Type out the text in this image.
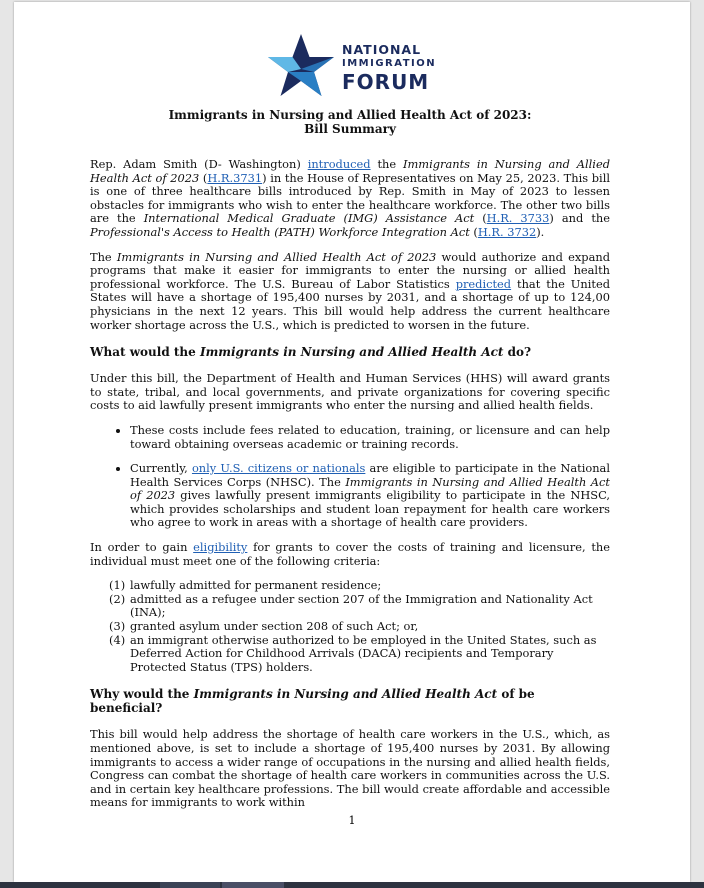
NATIONAL
IMMIGRATION
FORUM
Immigrants in Nursing and Allied Health Act of 2023:
Bill Summary

Rep. Adam Smith (D- Washington) introduced the Immigrants in Nursing and Allied Health Act of 2023 (H.R.3731) in the House of Representatives on May 25, 2023. This bill is one of three healthcare bills introduced by Rep. Smith in May of 2023 to lessen obstacles for immigrants who wish to enter the healthcare workforce. The other two bills are the International Medical Graduate (IMG) Assistance Act (H.R. 3733) and the Professional's Access to Health (PATH) Workforce Integration Act (H.R. 3732).

The Immigrants in Nursing and Allied Health Act of 2023 would authorize and expand programs that make it easier for immigrants to enter the nursing or allied health professional workforce. The U.S. Bureau of Labor Statistics predicted that the United States will have a shortage of 195,400 nurses by 2031, and a shortage of up to 124,00 physicians in the next 12 years. This bill would help address the current healthcare worker shortage across the U.S., which is predicted to worsen in the future.

What would the Immigrants in Nursing and Allied Health Act do?

Under this bill, the Department of Health and Human Services (HHS) will award grants to state, tribal, and local governments, and private organizations for covering specific costs to aid lawfully present immigrants who enter the nursing and allied health fields.

• These costs include fees related to education, training, or licensure and can help toward obtaining overseas academic or training records.
• Currently, only U.S. citizens or nationals are eligible to participate in the National Health Services Corps (NHSC). The Immigrants in Nursing and Allied Health Act of 2023 gives lawfully present immigrants eligibility to participate in the NHSC, which provides scholarships and student loan repayment for health care workers who agree to work in areas with a shortage of health care providers.

In order to gain eligibility for grants to cover the costs of training and licensure, the individual must meet one of the following criteria:

(1) lawfully admitted for permanent residence;
(2) admitted as a refugee under section 207 of the Immigration and Nationality Act (INA);
(3) granted asylum under section 208 of such Act; or,
(4) an immigrant otherwise authorized to be employed in the United States, such as Deferred Action for Childhood Arrivals (DACA) recipients and Temporary Protected Status (TPS) holders.
Why would the Immigrants in Nursing and Allied Health Act of be beneficial?

This bill would help address the shortage of health care workers in the U.S., which, as mentioned above, is set to include a shortage of 195,400 nurses by 2031. By allowing immigrants to access a wider range of occupations in the nursing and allied health fields, Congress can combat the shortage of health care workers in communities across the U.S. and in certain key healthcare professions. The bill would create affordable and accessible means for immigrants to work within

1
